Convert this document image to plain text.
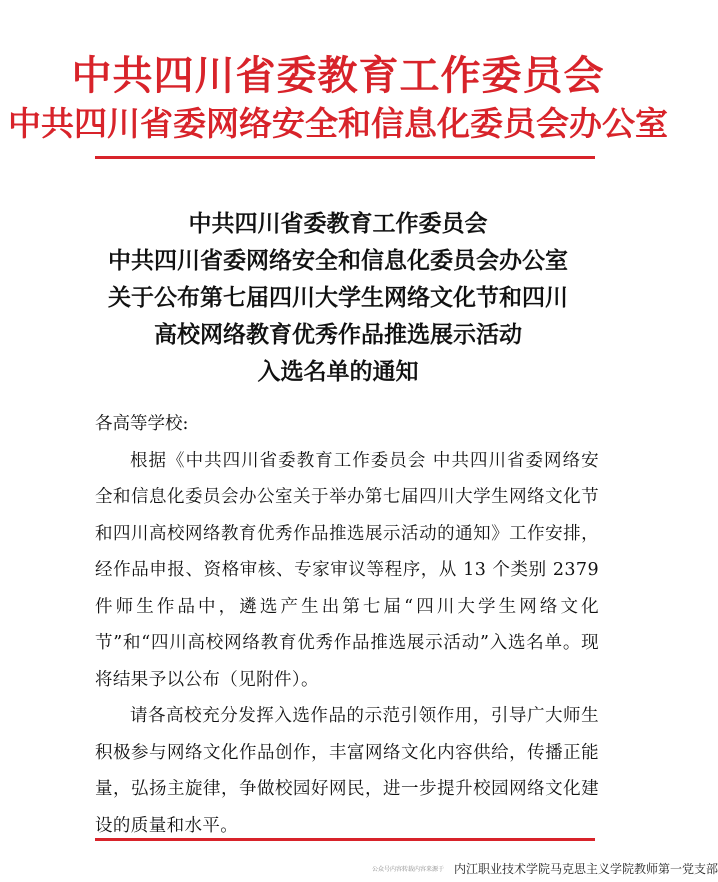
中共四川省委教育工作委员会
中共四川省委网络安全和信息化委员会办公室
中共四川省委教育工作委员会
中共四川省委网络安全和信息化委员会办公室
关于公布第七届四川大学生网络文化节和四川
高校网络教育优秀作品推选展示活动
入选名单的通知

各高等学校:

根据《中共四川省委教育工作委员会 中共四川省委网络安全和信息化委员会办公室关于举办第七届四川大学生网络文化节和四川高校网络教育优秀作品推选展示活动的通知》工作安排，经作品申报、资格审核、专家审议等程序，从 13 个类别 2379 件师生作品中，遴选产生出第七届“四川大学生网络文化节”和“四川高校网络教育优秀作品推选展示活动”入选名单。现将结果予以公布（见附件）。

请各高校充分发挥入选作品的示范引领作用，引导广大师生积极参与网络文化作品创作，丰富网络文化内容供给，传播正能量，弘扬主旋律，争做校园好网民，进一步提升校园网络文化建设的质量和水平。

公众号内容转载内容来源于 内江职业技术学院马克思主义学院教师第一党支部
